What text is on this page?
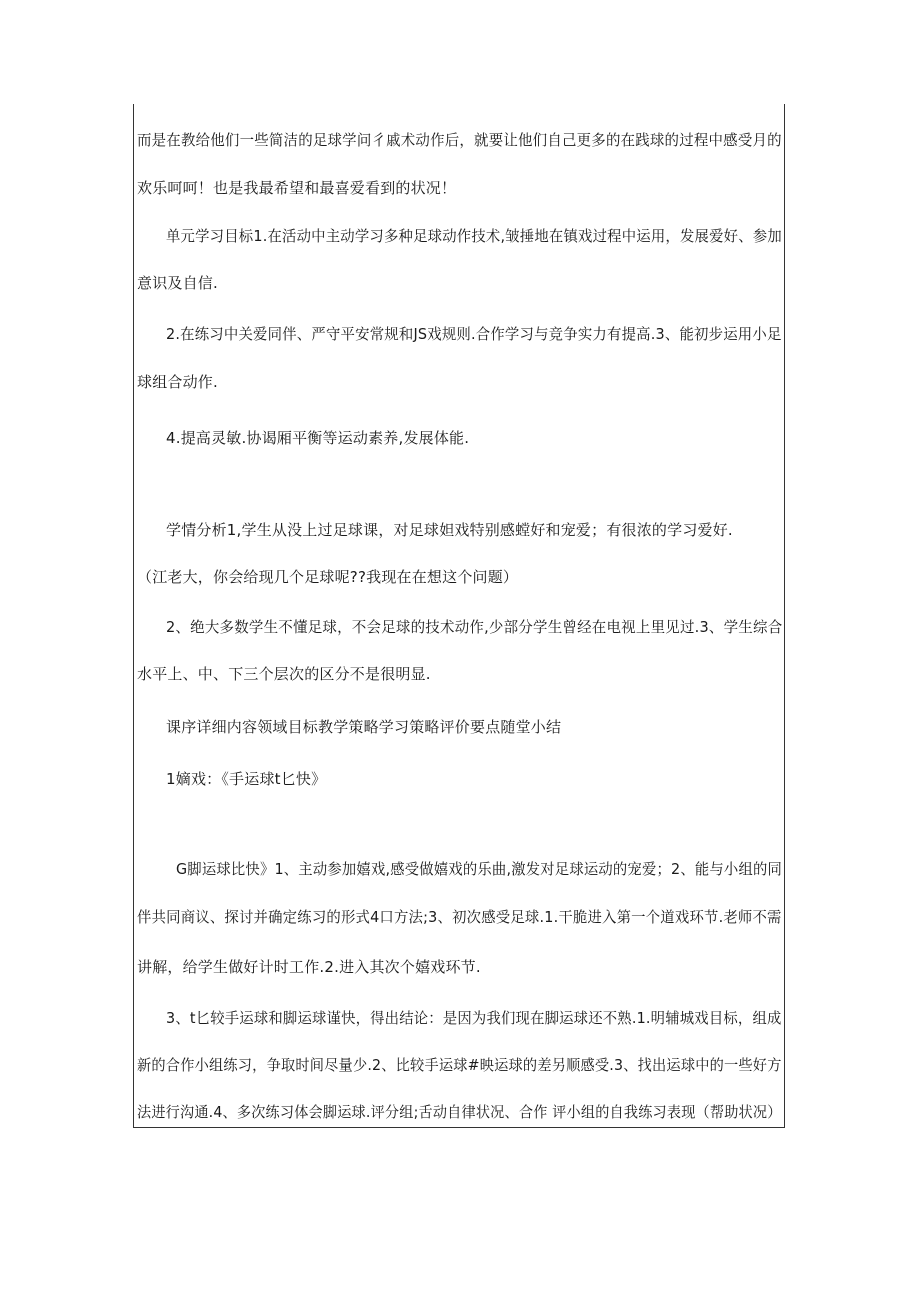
而是在教给他们一些简洁的足球学问彳戚术动作后，就要让他们自己更多的在践球的过程中感受月的
欢乐呵呵！也是我最希望和最喜爱看到的状况！
单元学习目标1.在活动中主动学习多种足球动作技术,皱捶地在镇戏过程中运用，发展爱好、参加
意识及自信.
2.在练习中关爱同伴、严守平安常规和JS戏规则.合作学习与竞争实力有提高.3、能初步运用小足
球组合动作.
4.提高灵敏.协谒厢平衡等运动素养,发展体能.
学情分析1,学生从没上过足球课，对足球妲戏特别感螳好和宠爱；有很浓的学习爱好.
（江老大，你会给现几个足球呢??我现在在想这个问题）
2、绝大多数学生不懂足球，不会足球的技术动作,少部分学生曾经在电视上里见过.3、学生综合
水平上、中、下三个层次的区分不是很明显.
课序详细内容领域目标教学策略学习策略评价要点随堂小结
1嫡戏：《手运球t匕快》
G脚运球比快》1、主动参加嬉戏,感受做嬉戏的乐曲,激发对足球运动的宠爱；2、能与小组的同
伴共同商议、探讨并确定练习的形式4口方法;3、初次感受足球.1.干脆进入第一个道戏环节.老师不需
讲解，给学生做好计时工作.2.进入其次个嬉戏环节.
3、t匕较手运球和脚运球谨快，得出结论：是因为我们现在脚运球还不熟.1.明辅城戏目标，组成
新的合作小组练习，争取时间尽量少.2、比较手运球#映运球的差另顺感受.3、找出运球中的一些好方
法进行沟通.4、多次练习体会脚运球.评分组;舌动自律状况、合作 评小组的自我练习表现（帮助状况）
